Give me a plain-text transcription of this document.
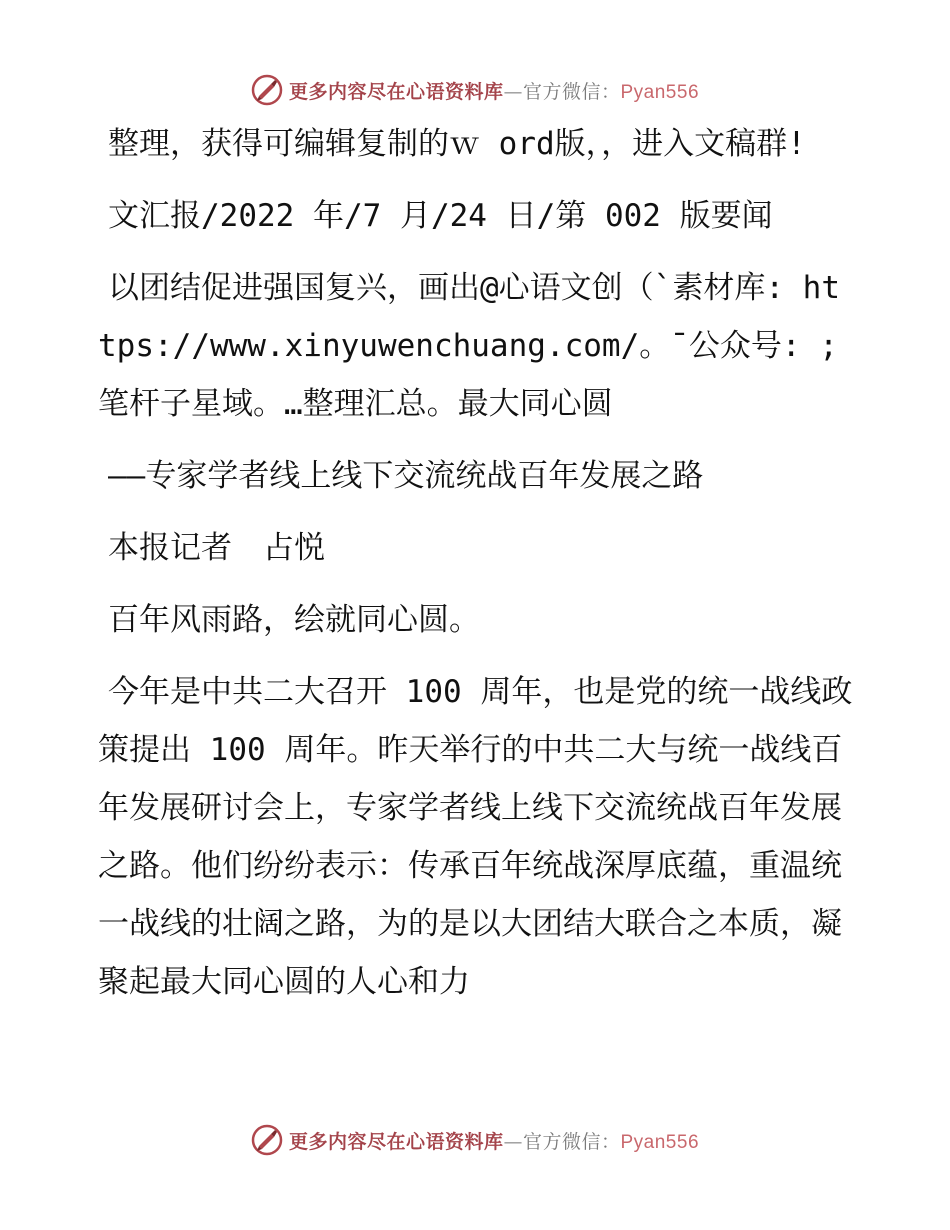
更多内容尽在心语资料库—官方微信：Pyan556

整理，获得可编辑复制的ｗ ord版，，进入文稿群!

文汇报/2022 年/7 月/24 日/第 002 版要闻

以团结促进强国复兴，画出@心语文创（`素材库: https://www.xinyuwenchuang.com/。¯公众号: ;笔杆子星域。…整理汇总。最大同心圆

——专家学者线上线下交流统战百年发展之路

本报记者　占悦

百年风雨路，绘就同心圆。

今年是中共二大召开 100 周年，也是党的统一战线政策提出 100 周年。昨天举行的中共二大与统一战线百年发展研讨会上，专家学者线上线下交流统战百年发展之路。他们纷纷表示：传承百年统战深厚底蕴，重温统一战线的壮阔之路，为的是以大团结大联合之本质，凝聚起最大同心圆的人心和力

更多内容尽在心语资料库—官方微信：Pyan556
